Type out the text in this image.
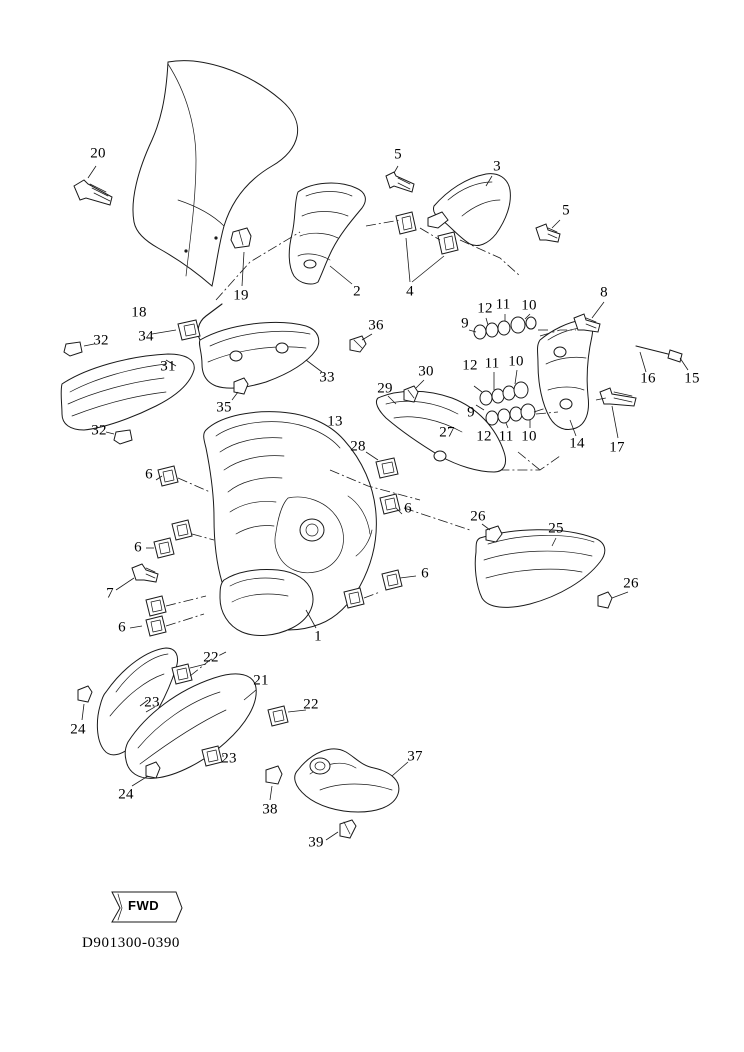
FWD
D901300-0390
20	5
3
5
19	2	4
18
8
12 11 10
9
32 34
36
31
33
12 11 10
15
16
29
30
35	9
27 12 11 10 14 17
32
13
28
6
6	26
25
6
7
6
26
6
1
22
21
23	22
24
23	37
24
38
39
